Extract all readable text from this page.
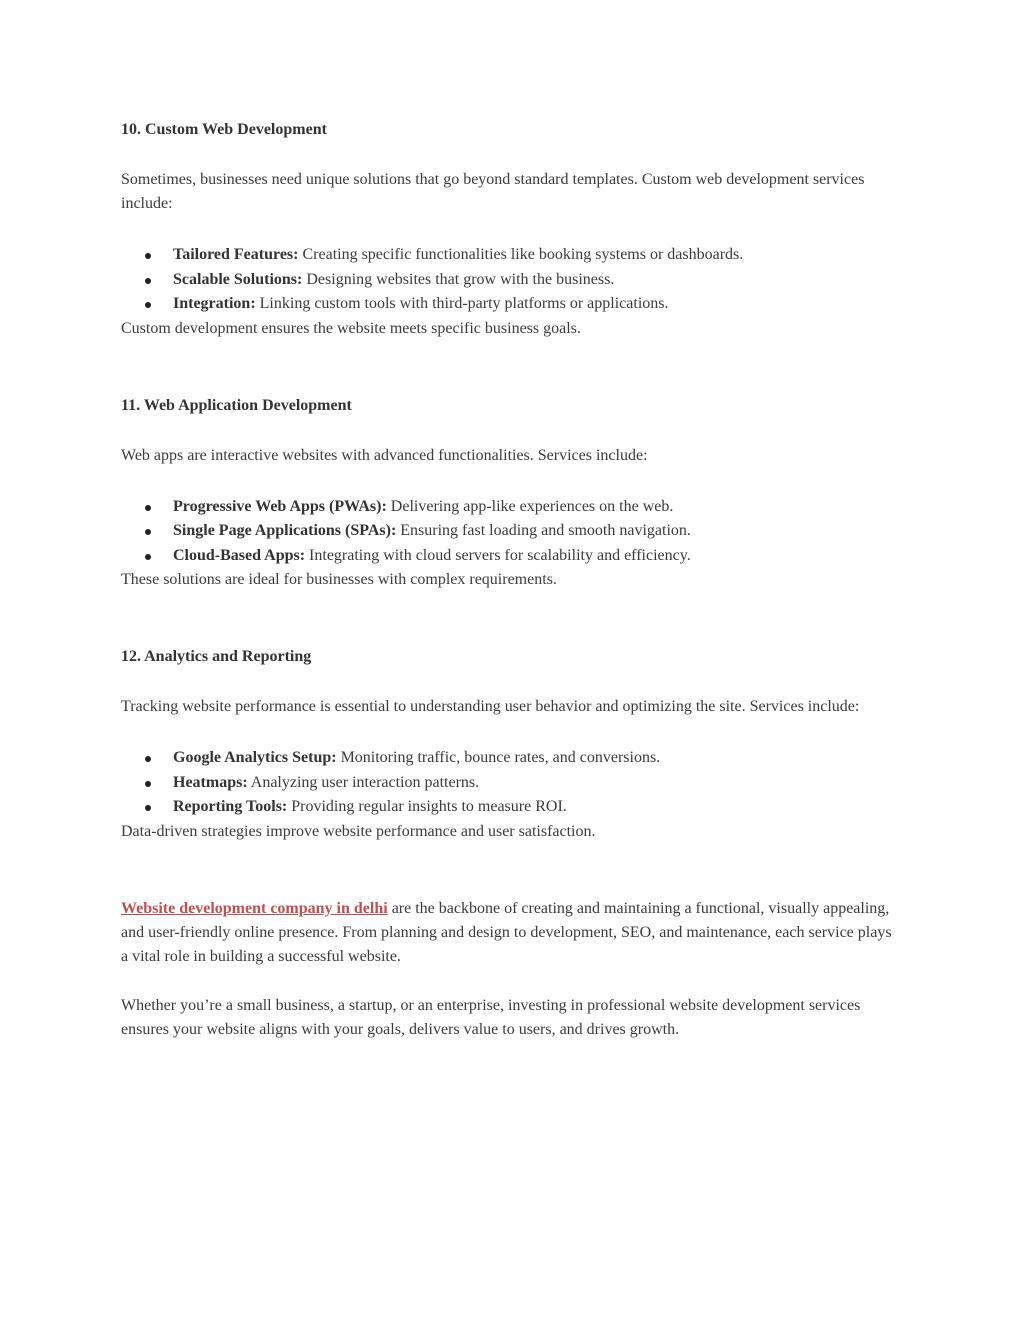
10. Custom Web Development

Sometimes, businesses need unique solutions that go beyond standard templates. Custom web development services include:

Tailored Features: Creating specific functionalities like booking systems or dashboards.
Scalable Solutions: Designing websites that grow with the business.
Integration: Linking custom tools with third-party platforms or applications.

Custom development ensures the website meets specific business goals.

11. Web Application Development

Web apps are interactive websites with advanced functionalities. Services include:

Progressive Web Apps (PWAs): Delivering app-like experiences on the web.
Single Page Applications (SPAs): Ensuring fast loading and smooth navigation.
Cloud-Based Apps: Integrating with cloud servers for scalability and efficiency.

These solutions are ideal for businesses with complex requirements.

12. Analytics and Reporting

Tracking website performance is essential to understanding user behavior and optimizing the site. Services include:

Google Analytics Setup: Monitoring traffic, bounce rates, and conversions.
Heatmaps: Analyzing user interaction patterns.
Reporting Tools: Providing regular insights to measure ROI.

Data-driven strategies improve website performance and user satisfaction.

Website development company in delhi are the backbone of creating and maintaining a functional, visually appealing, and user-friendly online presence. From planning and design to development, SEO, and maintenance, each service plays a vital role in building a successful website.

Whether you’re a small business, a startup, or an enterprise, investing in professional website development services ensures your website aligns with your goals, delivers value to users, and drives growth.
